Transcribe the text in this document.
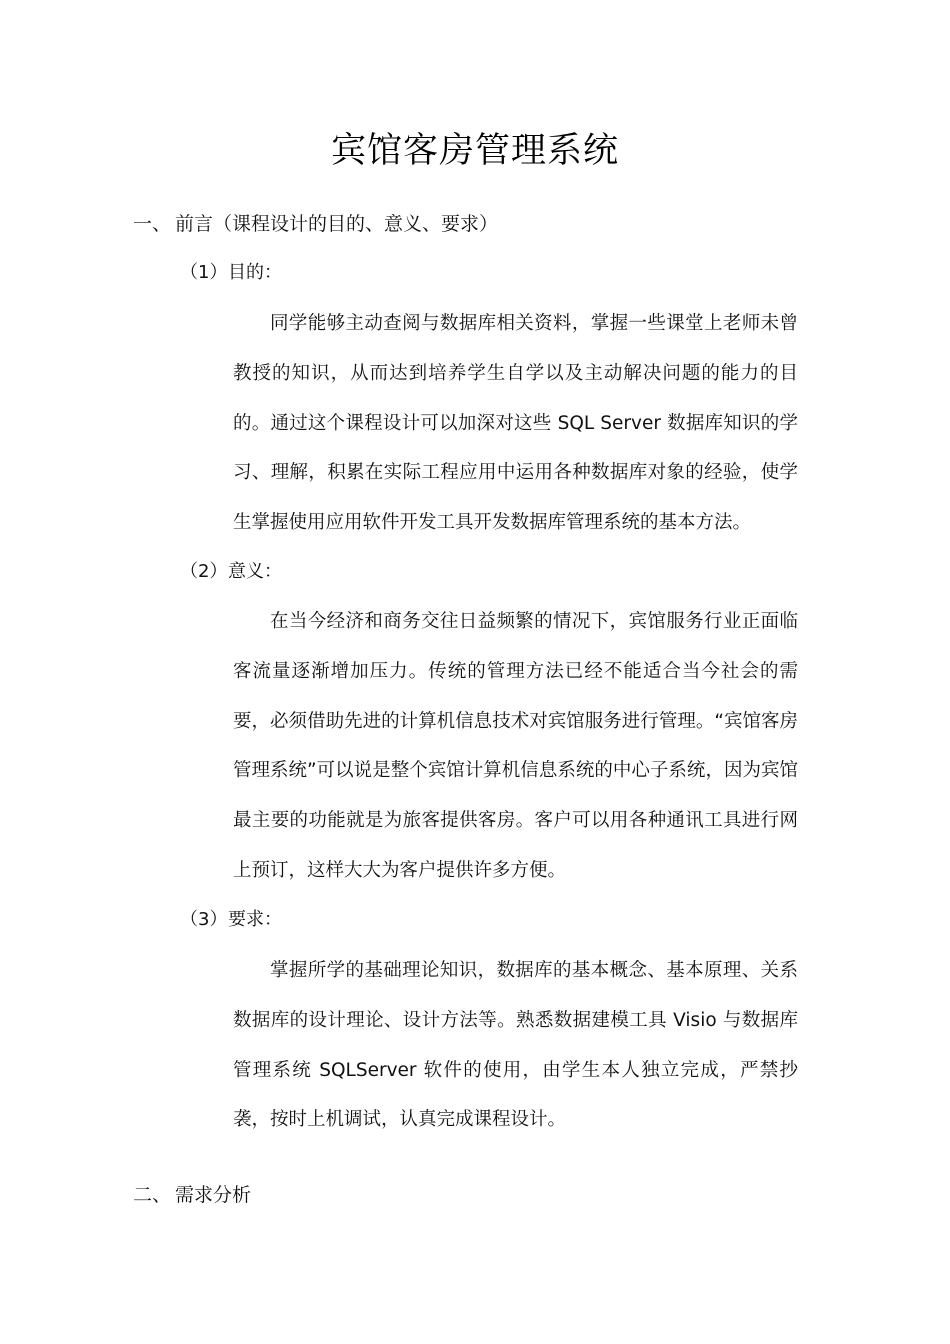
宾馆客房管理系统
一、 前言（课程设计的目的、意义、要求）
（1）目的：

同学能够主动查阅与数据库相关资料，掌握一些课堂上老师未曾教授的知识，从而达到培养学生自学以及主动解决问题的能力的目的。通过这个课程设计可以加深对这些 SQL Server 数据库知识的学习、理解，积累在实际工程应用中运用各种数据库对象的经验，使学生掌握使用应用软件开发工具开发数据库管理系统的基本方法。

（2）意义：

在当今经济和商务交往日益频繁的情况下，宾馆服务行业正面临客流量逐渐增加压力。传统的管理方法已经不能适合当今社会的需要，必须借助先进的计算机信息技术对宾馆服务进行管理。“宾馆客房管理系统”可以说是整个宾馆计算机信息系统的中心子系统，因为宾馆最主要的功能就是为旅客提供客房。客户可以用各种通讯工具进行网上预订，这样大大为客户提供许多方便。

（3）要求：

掌握所学的基础理论知识，数据库的基本概念、基本原理、关系数据库的设计理论、设计方法等。熟悉数据建模工具 Visio 与数据库管理系统 SQLServer 软件的使用，由学生本人独立完成，严禁抄袭，按时上机调试，认真完成课程设计。

二、 需求分析
